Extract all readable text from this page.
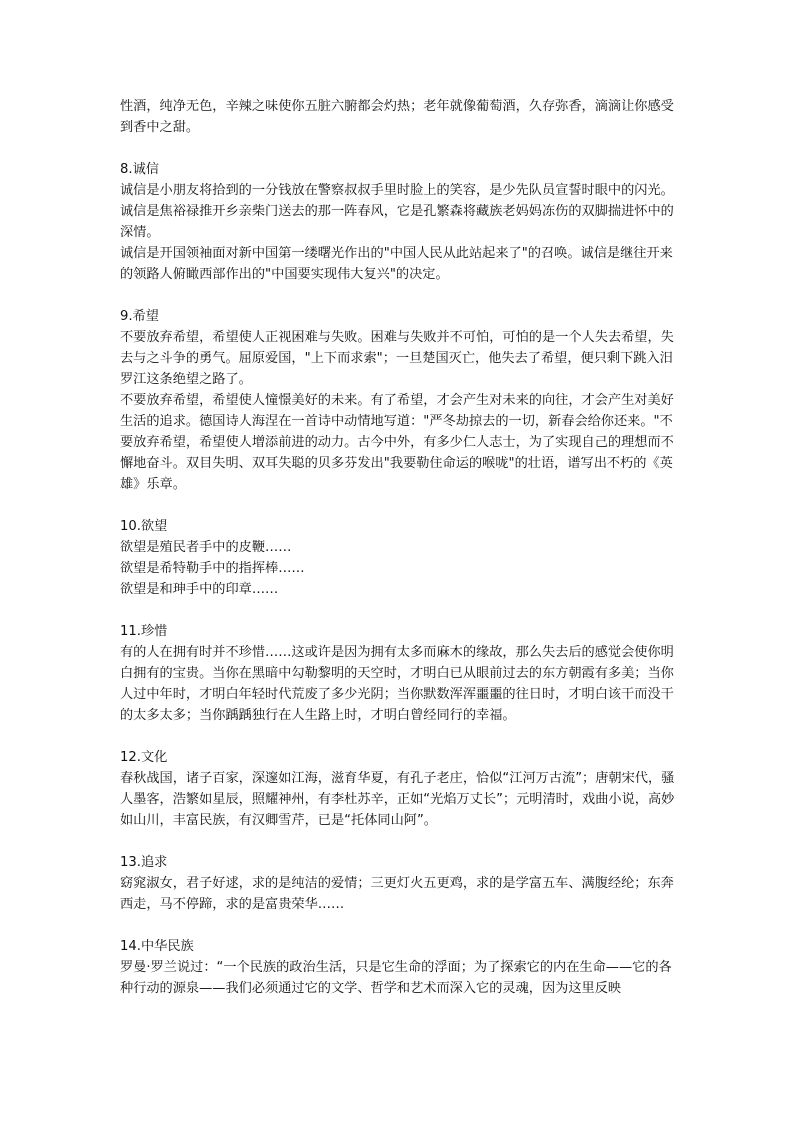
性酒，纯净无色，辛辣之味使你五脏六腑都会灼热；老年就像葡萄酒，久存弥香，滴滴让你感受到香中之甜。

8.诚信

诚信是小朋友将拾到的一分钱放在警察叔叔手里时脸上的笑容，是少先队员宣誓时眼中的闪光。

诚信是焦裕禄推开乡亲柴门送去的那一阵春风，它是孔繁森将藏族老妈妈冻伤的双脚揣进怀中的深情。

诚信是开国领袖面对新中国第一缕曙光作出的"中国人民从此站起来了"的召唤。诚信是继往开来的领路人俯瞰西部作出的"中国要实现伟大复兴"的决定。

9.希望

不要放弃希望，希望使人正视困难与失败。困难与失败并不可怕，可怕的是一个人失去希望，失去与之斗争的勇气。屈原爱国，"上下而求索"；一旦楚国灭亡，他失去了希望，便只剩下跳入汨罗江这条绝望之路了。

不要放弃希望，希望使人憧憬美好的未来。有了希望，才会产生对未来的向往，才会产生对美好生活的追求。德国诗人海涅在一首诗中动情地写道："严冬劫掠去的一切，新春会给你还来。"不要放弃希望，希望使人增添前进的动力。古今中外，有多少仁人志士，为了实现自己的理想而不懈地奋斗。双目失明、双耳失聪的贝多芬发出"我要勒住命运的喉咙"的壮语，谱写出不朽的《英雄》乐章。

10.欲望

欲望是殖民者手中的皮鞭……

欲望是希特勒手中的指挥棒……

欲望是和珅手中的印章……

11.珍惜

有的人在拥有时并不珍惜……这或许是因为拥有太多而麻木的缘故，那么失去后的感觉会使你明白拥有的宝贵。当你在黑暗中勾勒黎明的天空时，才明白已从眼前过去的东方朝霞有多美；当你人过中年时，才明白年轻时代荒废了多少光阴；当你默数浑浑噩噩的往日时，才明白该干而没干的太多太多；当你踽踽独行在人生路上时，才明白曾经同行的幸福。

12.文化

春秋战国，诸子百家，深邃如江海，滋育华夏，有孔子老庄，恰似“江河万古流”；唐朝宋代，骚人墨客，浩繁如星辰，照耀神州，有李杜苏辛，正如“光焰万丈长”；元明清时，戏曲小说，高妙如山川，丰富民族，有汉卿雪芹，已是“托体同山阿”。

13.追求

窈窕淑女，君子好逑，求的是纯洁的爱情；三更灯火五更鸡，求的是学富五车、满腹经纶；东奔西走，马不停蹄，求的是富贵荣华……

14.中华民族

罗曼·罗兰说过：“一个民族的政治生活，只是它生命的浮面；为了探索它的内在生命——它的各种行动的源泉——我们必须通过它的文学、哲学和艺术而深入它的灵魂，因为这里反映
